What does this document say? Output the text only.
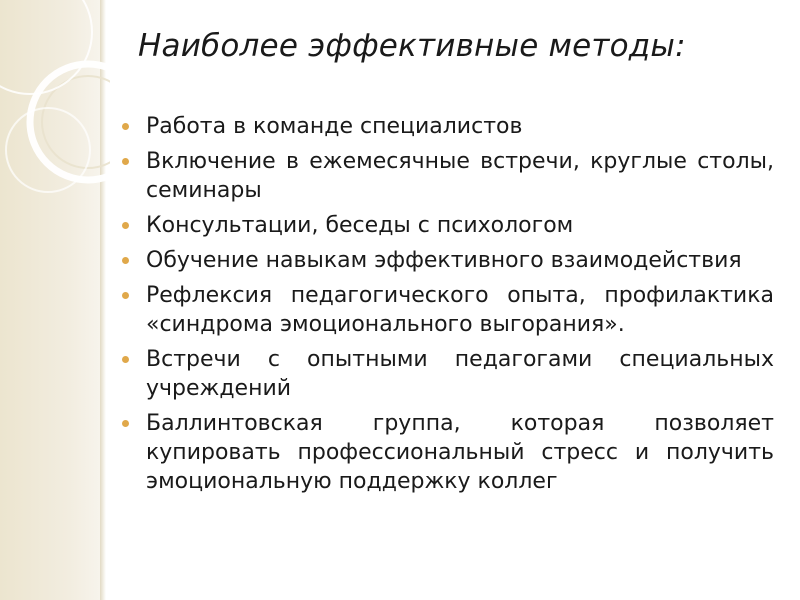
Наиболее эффективные методы:
Работа в команде специалистов
Включение в ежемесячные встречи, круглые столы, семинары
Консультации, беседы с психологом
Обучение навыкам эффективного взаимодействия
Рефлексия педагогического опыта, профилактика «синдрома эмоционального выгорания».
Встречи с опытными педагогами специальных учреждений
Баллинтовская группа, которая позволяет купировать профессиональный стресс и получить эмоциональную поддержку коллег
